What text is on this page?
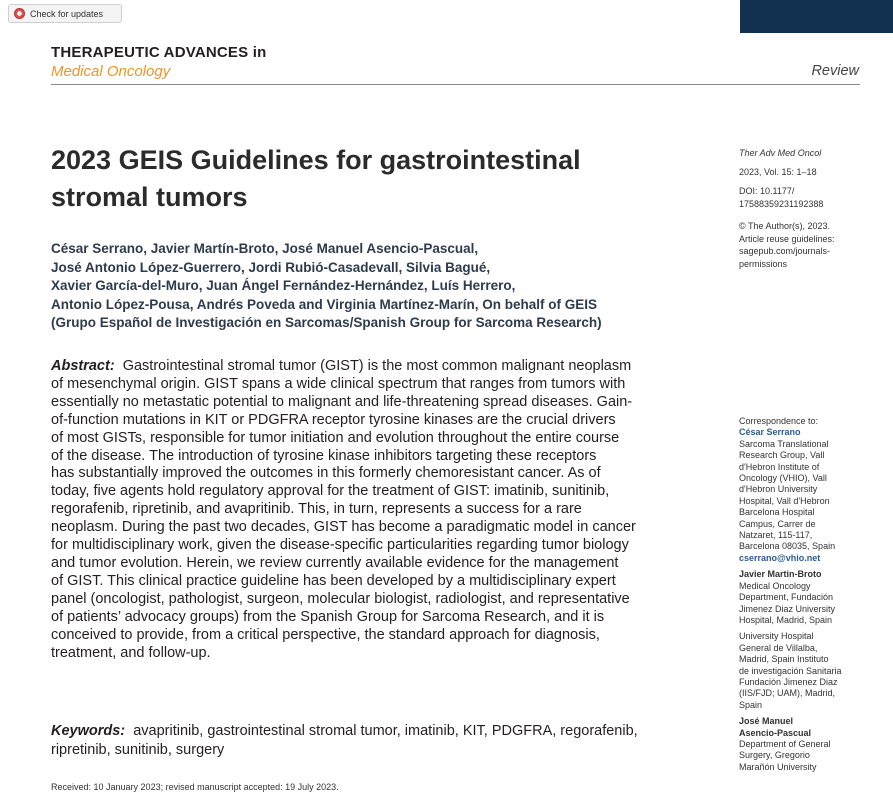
Check for updates
THERAPEUTIC ADVANCES in
Medical Oncology	Review
2023 GEIS Guidelines for gastrointestinal
stromal tumors
César Serrano, Javier Martín-Broto, José Manuel Asencio-Pascual,
José Antonio López-Guerrero, Jordi Rubió-Casadevall, Silvia Bagué,
Xavier García-del-Muro, Juan Ángel Fernández-Hernández, Luís Herrero,
Antonio López-Pousa, Andrés Poveda and Virginia Martínez-Marín, On behalf of GEIS
(Grupo Español de Investigación en Sarcomas/Spanish Group for Sarcoma Research)
Ther Adv Med Oncol
2023, Vol. 15: 1–18
DOI: 10.1177/
17588359231192388
© The Author(s), 2023.
Article reuse guidelines:
sagepub.com/journals-
permissions
Abstract: Gastrointestinal stromal tumor (GIST) is the most common malignant neoplasm
of mesenchymal origin. GIST spans a wide clinical spectrum that ranges from tumors with
essentially no metastatic potential to malignant and life-threatening spread diseases. Gain-
of-function mutations in KIT or PDGFRA receptor tyrosine kinases are the crucial drivers
of most GISTs, responsible for tumor initiation and evolution throughout the entire course
of the disease. The introduction of tyrosine kinase inhibitors targeting these receptors
has substantially improved the outcomes in this formerly chemoresistant cancer. As of
today, five agents hold regulatory approval for the treatment of GIST: imatinib, sunitinib,
regorafenib, ripretinib, and avapritinib. This, in turn, represents a success for a rare
neoplasm. During the past two decades, GIST has become a paradigmatic model in cancer
for multidisciplinary work, given the disease-specific particularities regarding tumor biology
and tumor evolution. Herein, we review currently available evidence for the management
of GIST. This clinical practice guideline has been developed by a multidisciplinary expert
panel (oncologist, pathologist, surgeon, molecular biologist, radiologist, and representative
of patients’ advocacy groups) from the Spanish Group for Sarcoma Research, and it is
conceived to provide, from a critical perspective, the standard approach for diagnosis,
treatment, and follow-up.
Keywords: avapritinib, gastrointestinal stromal tumor, imatinib, KIT, PDGFRA, regorafenib,
ripretinib, sunitinib, surgery
Received: 10 January 2023; revised manuscript accepted: 19 July 2023.
Correspondence to:
César Serrano
Sarcoma Translational
Research Group, Vall
d'Hebron Institute of
Oncology (VHIO), Vall
d'Hebron University
Hospital, Vall d'Hebron
Barcelona Hospital
Campus, Carrer de
Natzaret, 115-117,
Barcelona 08035, Spain
cserrano@vhio.net
Javier Martin-Broto
Medical Oncology
Department, Fundación
Jimenez Diaz University
Hospital, Madrid, Spain
University Hospital
General de Villalba,
Madrid, Spain Instituto
de investigación Sanitaria
Fundación Jimenez Diaz
(IIS/FJD; UAM), Madrid,
Spain
José Manuel
Asencio-Pascual
Department of General
Surgery, Gregorio
Marañón University
